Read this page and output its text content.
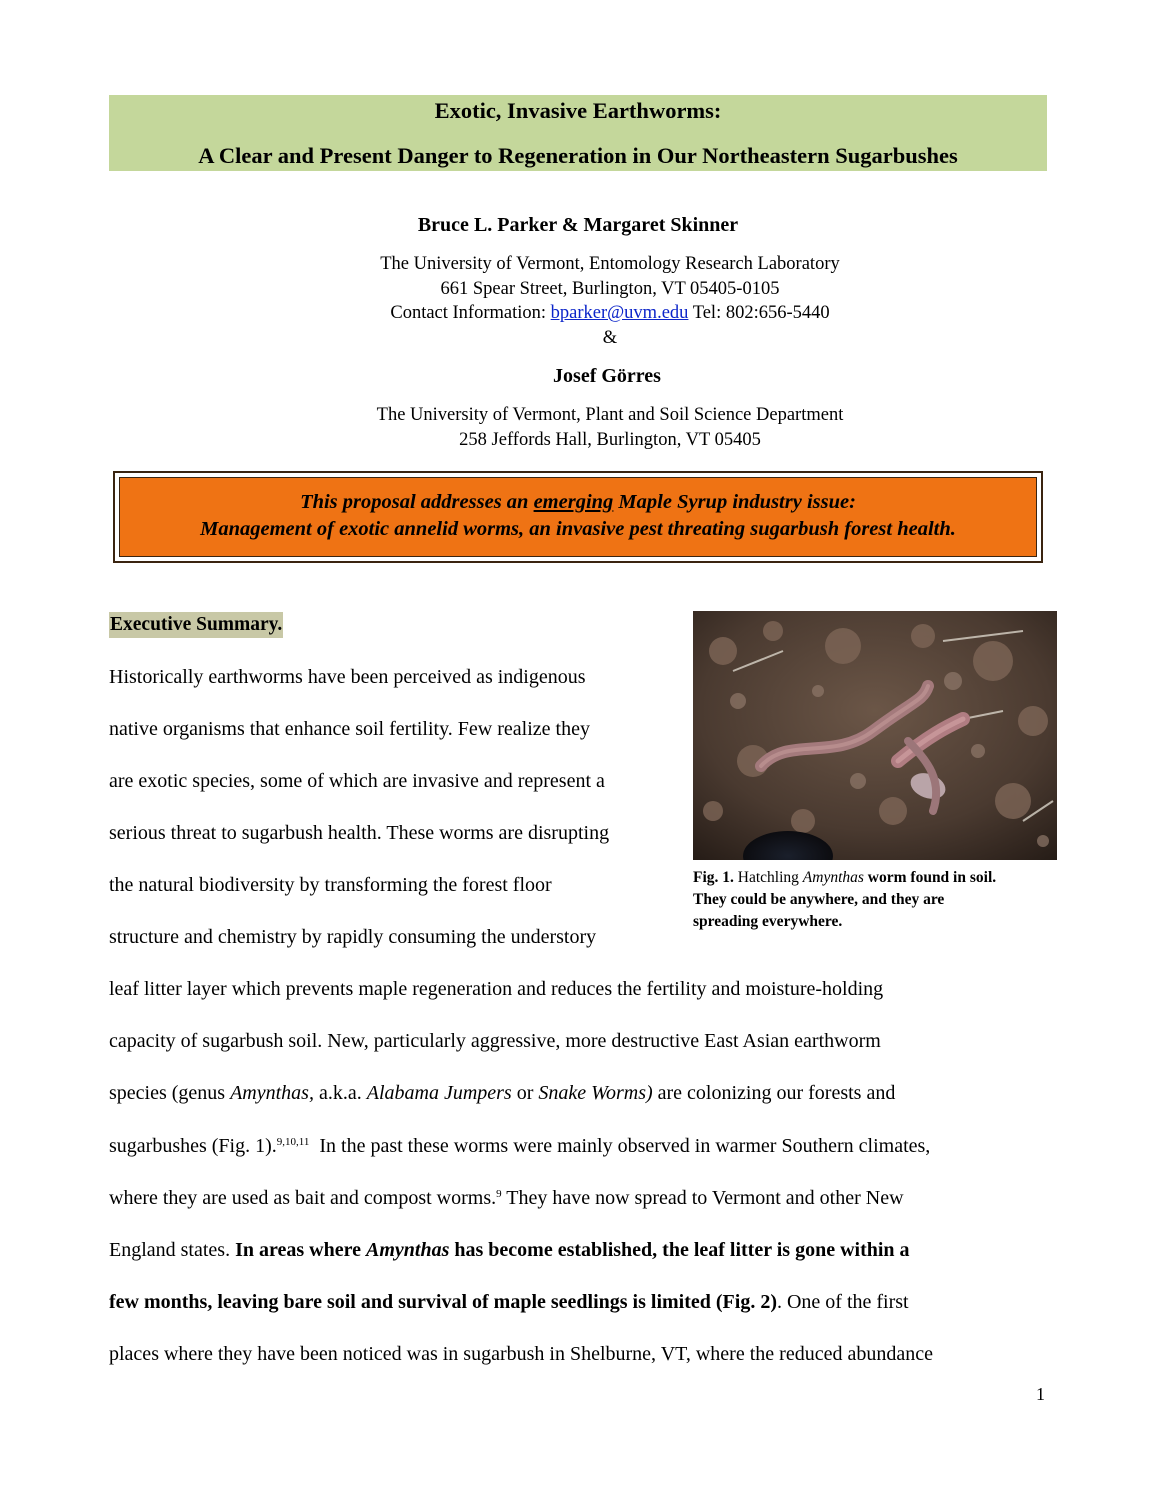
Exotic, Invasive Earthworms:
A Clear and Present Danger to Regeneration in Our Northeastern Sugarbushes
Bruce L. Parker & Margaret Skinner
The University of Vermont, Entomology Research Laboratory
661 Spear Street, Burlington, VT 05405-0105
Contact Information: bparker@uvm.edu Tel: 802:656-5440
&
Josef Görres
The University of Vermont, Plant and Soil Science Department
258 Jeffords Hall, Burlington, VT 05405
This proposal addresses an emerging Maple Syrup industry issue:
Management of exotic annelid worms, an invasive pest threating sugarbush forest health.
Executive Summary.
Historically earthworms have been perceived as indigenous
native organisms that enhance soil fertility. Few realize they
are exotic species, some of which are invasive and represent a
serious threat to sugarbush health. These worms are disrupting
the natural biodiversity by transforming the forest floor
structure and chemistry by rapidly consuming the understory
leaf litter layer which prevents maple regeneration and reduces the fertility and moisture-holding
capacity of sugarbush soil. New, particularly aggressive, more destructive East Asian earthworm
species (genus Amynthas, a.k.a. Alabama Jumpers or Snake Worms) are colonizing our forests and
sugarbushes (Fig. 1).$^{9,10,11}$  In the past these worms were mainly observed in warmer Southern climates,
where they are used as bait and compost worms.$^9$ They have now spread to Vermont and other New
England states. In areas where Amynthas has become established, the leaf litter is gone within a
few months, leaving bare soil and survival of maple seedlings is limited (Fig. 2). One of the first
places where they have been noticed was in sugarbush in Shelburne, VT, where the reduced abundance
Fig. 1. Hatchling Amynthas worm found in soil.
They could be anywhere, and they are
spreading everywhere.
1
